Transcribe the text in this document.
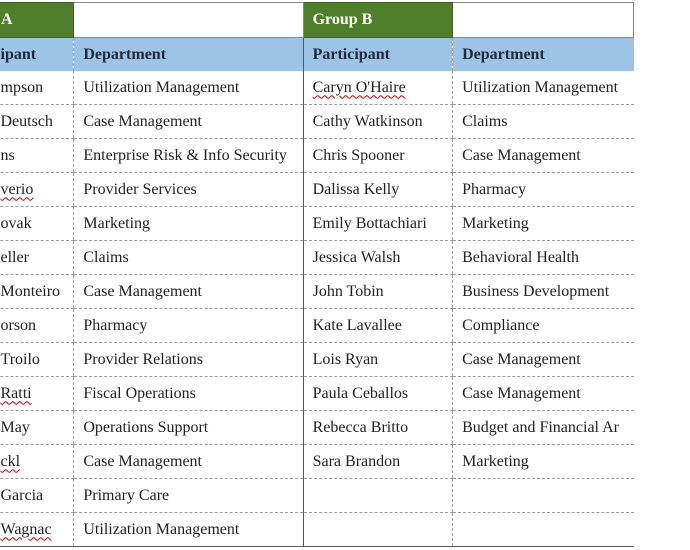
A		Group B	
ipant	Department	Participant	Department
mpson	Utilization Management	Caryn O'Haire	Utilization Management
Deutsch	Case Management	Cathy Watkinson	Claims
ns	Enterprise Risk & Info Security	Chris Spooner	Case Management
verio	Provider Services	Dalissa Kelly	Pharmacy
ovak	Marketing	Emily Bottachiari	Marketing
eller	Claims	Jessica Walsh	Behavioral Health
Monteiro	Case Management	John Tobin	Business Development
orson	Pharmacy	Kate Lavallee	Compliance
Troilo	Provider Relations	Lois Ryan	Case Management
Ratti	Fiscal Operations	Paula Ceballos	Case Management
May	Operations Support	Rebecca Britto	Budget and Financial Ar
ckl	Case Management	Sara Brandon	Marketing
Garcia	Primary Care		
Wagnac	Utilization Management		
